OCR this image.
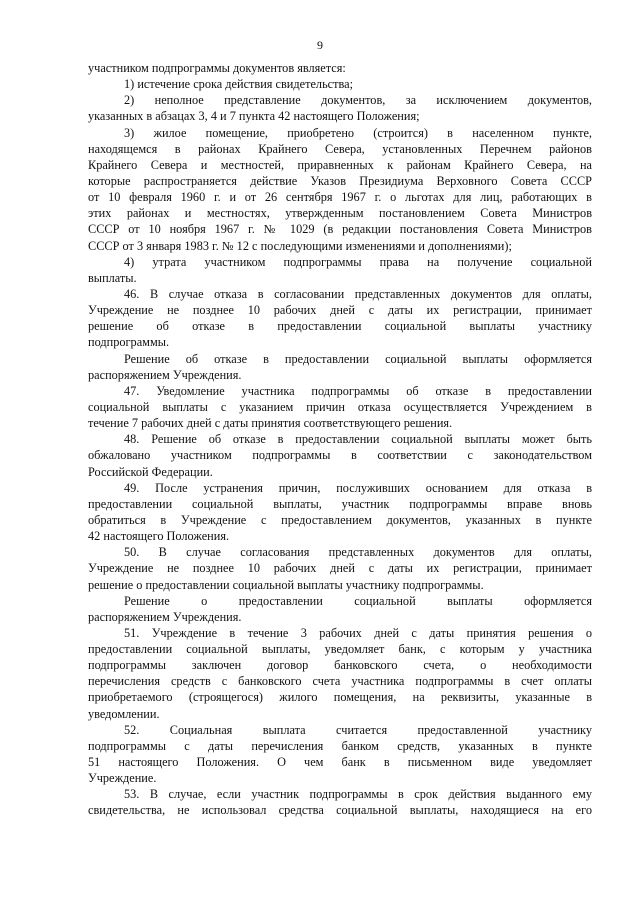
9
участником подпрограммы документов является:
1) истечение срока действия свидетельства;
2) неполное представление документов, за исключением документов,
указанных в абзацах 3, 4 и 7 пункта 42 настоящего Положения;
3) жилое помещение, приобретено (строится) в населенном пункте,
находящемся в районах Крайнего Севера, установленных Перечнем районов
Крайнего Севера и местностей, приравненных к районам Крайнего Севера, на
которые распространяется действие Указов Президиума Верховного Совета СССР
от 10 февраля 1960 г. и от 26 сентября 1967 г. о льготах для лиц, работающих в
этих районах и местностях, утвержденным постановлением Совета Министров
СССР от 10 ноября 1967 г. № 1029 (в редакции постановления Совета Министров
СССР от 3 января 1983 г. № 12 с последующими изменениями и дополнениями);
4) утрата участником подпрограммы права на получение социальной
выплаты.
46. В случае отказа в согласовании представленных документов для оплаты,
Учреждение не позднее 10 рабочих дней с даты их регистрации, принимает
решение об отказе в предоставлении социальной выплаты участнику
подпрограммы.
Решение об отказе в предоставлении социальной выплаты оформляется
распоряжением Учреждения.
47. Уведомление участника подпрограммы об отказе в предоставлении
социальной выплаты с указанием причин отказа осуществляется Учреждением в
течение 7 рабочих дней с даты принятия соответствующего решения.
48. Решение об отказе в предоставлении социальной выплаты может быть
обжаловано участником подпрограммы в соответствии с законодательством
Российской Федерации.
49. После устранения причин, послуживших основанием для отказа в
предоставлении социальной выплаты, участник подпрограммы вправе вновь
обратиться в Учреждение с предоставлением документов, указанных в пункте
42 настоящего Положения.
50. В случае согласования представленных документов для оплаты,
Учреждение не позднее 10 рабочих дней с даты их регистрации, принимает
решение о предоставлении социальной выплаты участнику подпрограммы.
Решение о предоставлении социальной выплаты оформляется
распоряжением Учреждения.
51. Учреждение в течение 3 рабочих дней с даты принятия решения о
предоставлении социальной выплаты, уведомляет банк, с которым у участника
подпрограммы заключен договор банковского счета, о необходимости
перечисления средств с банковского счета участника подпрограммы в счет оплаты
приобретаемого (строящегося) жилого помещения, на реквизиты, указанные в
уведомлении.
52. Социальная выплата считается предоставленной участнику
подпрограммы с даты перечисления банком средств, указанных в пункте
51 настоящего Положения. О чем банк в письменном виде уведомляет
Учреждение.
53. В случае, если участник подпрограммы в срок действия выданного ему
свидетельства, не использовал средства социальной выплаты, находящиеся на его
